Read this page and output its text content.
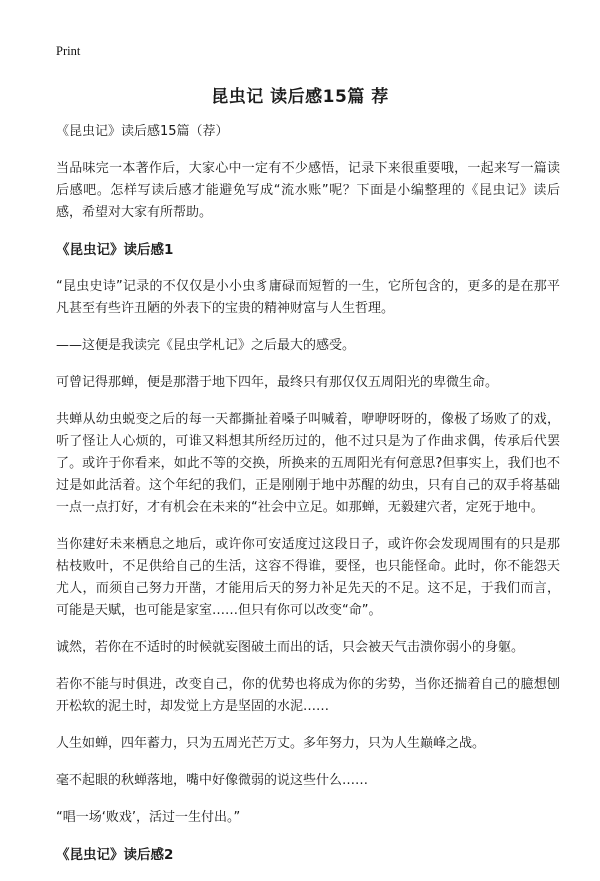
Print
昆虫记 读后感15篇 荐

《昆虫记》读后感15篇（荐）

当品味完一本著作后，大家心中一定有不少感悟，记录下来很重要哦，一起来写一篇读后感吧。怎样写读后感才能避免写成“流水账”呢？下面是小编整理的《昆虫记》读后感，希望对大家有所帮助。

《昆虫记》读后感1

“昆虫史诗”记录的不仅仅是小小虫豸庸碌而短暂的一生，它所包含的，更多的是在那平凡甚至有些许丑陋的外表下的宝贵的精神财富与人生哲理。

——这便是我读完《昆虫学札记》之后最大的感受。

可曾记得那蝉，便是那潜于地下四年，最终只有那仅仅五周阳光的卑微生命。

共蝉从幼虫蜕变之后的每一天都撕扯着嗓子叫喊着，咿咿呀呀的，像极了场败了的戏，听了怪让人心烦的，可谁又料想其所经历过的，他不过只是为了作曲求偶，传承后代罢了。或许于你看来，如此不等的交换，所换来的五周阳光有何意思?但事实上，我们也不过是如此活着。这个年纪的我们，正是刚刚于地中苏醒的幼虫，只有自己的双手将基础一点一点打好，才有机会在未来的“社会中立足。如那蝉，无毅建穴者，定死于地中。

当你建好未来栖息之地后，或许你可安适度过这段日子，或许你会发现周围有的只是那枯枝败叶，不足供给自己的生活，这容不得谁，要怪，也只能怪命。此时，你不能怨天尤人，而须自己努力开凿，才能用后天的努力补足先天的不足。这不足，于我们而言，可能是天赋，也可能是家室……但只有你可以改变“命”。

诚然，若你在不适时的时候就妄图破土而出的话，只会被天气击溃你弱小的身躯。

若你不能与时俱进，改变自己，你的优势也将成为你的劣势，当你还揣着自己的臆想刨开松软的泥土时，却发觉上方是坚固的水泥……

人生如蝉，四年蓄力，只为五周光芒万丈。多年努力，只为人生巅峰之战。

毫不起眼的秋蝉落地，嘴中好像微弱的说这些什么……

“唱一场‘败戏’，活过一生付出。”

《昆虫记》读后感2
